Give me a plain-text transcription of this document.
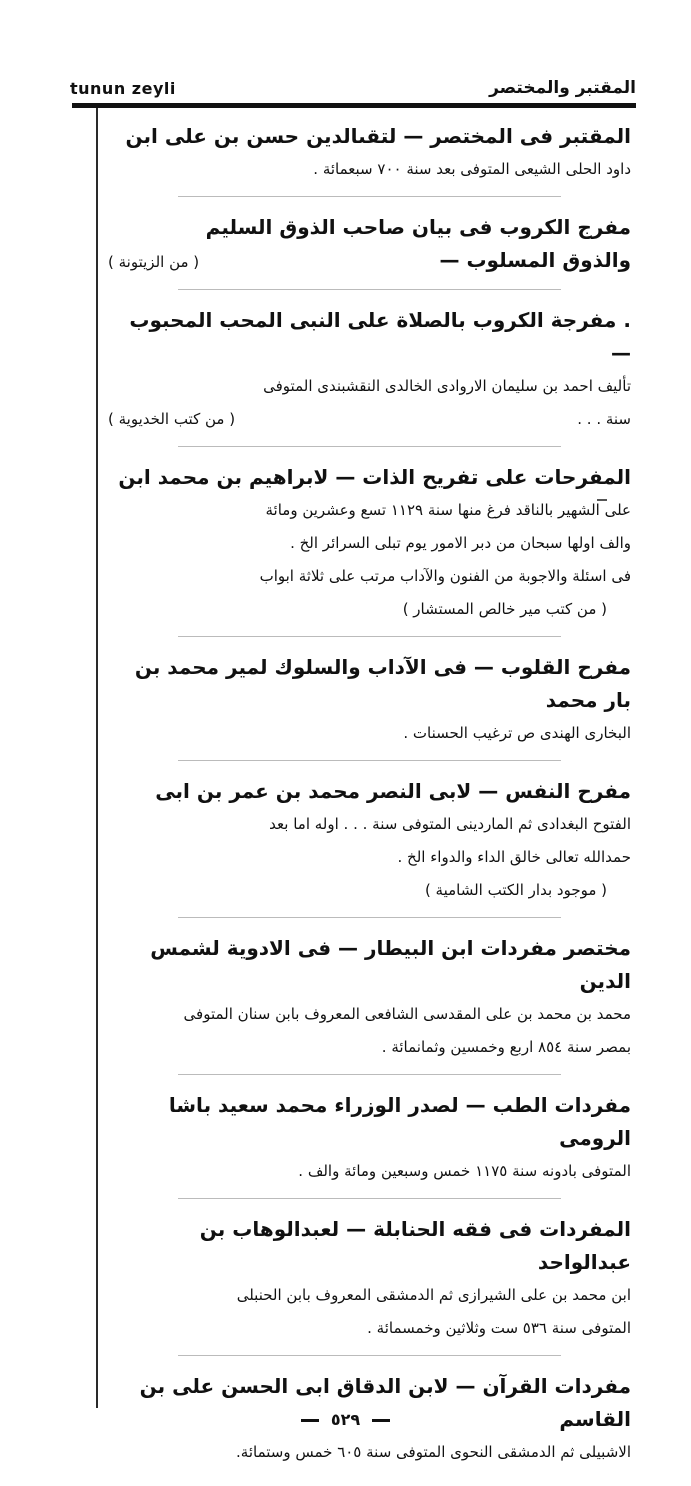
tunun zeyli	المقتبر والمختصر

المقتبر فى المختصر — لتقىالدين حسن بن على ابن

داود الحلى الشيعى المتوفى بعد سنة ٧٠٠ سبعمائة .

مفرج الكروب فى بيان صاحب الذوق السليم

والذوق المسلوب —
( من الزيتونة )

. مفرجة الكروب بالصلاة على النبى المحب المحبوب —

تأليف احمد بن سليمان الاروادى الخالدى النقشبندى المتوفى

سنة . . .
( من كتب الخديوية )

المفرحات على تفريح الذات — لابراهيم بن محمد ابن

على الشهير بالناقد فرغ منها سنة ١١٢٩ تسع وعشرين ومائة

والف اولها سبحان من دبر الامور يوم تبلى السرائر الخ .

فى اسئلة والاجوبة من الفنون والآداب مرتب على ثلاثة ابواب

( من كتب مير خالص المستشار )

مفرح القلوب — فى الآداب والسلوك لمير محمد بن بار محمد

البخارى الهندى ص ترغيب الحسنات .

مفرح النفس — لابى النصر محمد بن عمر بن ابى

الفتوح البغدادى ثم الماردينى المتوفى سنة . . . اوله اما بعد

حمدالله تعالى خالق الداء والدواء الخ .

( موجود بدار الكتب الشامية )

مختصر مفردات ابن البيطار — فى الادوية لشمس الدين

محمد بن محمد بن على المقدسى الشافعى المعروف بابن سنان المتوفى

بمصر سنة ٨٥٤ اربع وخمسين وثمانمائة .

مفردات الطب — لصدر الوزراء محمد سعيد باشا الرومى

المتوفى بادونه سنة ١١٧٥ خمس وسبعين ومائة والف .

المفردات فى فقه الحنابلة — لعبدالوهاب بن عبدالواحد

ابن محمد بن على الشيرازى ثم الدمشقى المعروف بابن الحنبلى

المتوفى سنة ٥٣٦ ست وثلاثين وخمسمائة .

مفردات القرآن — لابن الدقاق ابى الحسن على بن القاسم

الاشبيلى ثم الدمشقى النحوى المتوفى سنة ٦٠٥ خمس وستمائة.

٥٢٩
